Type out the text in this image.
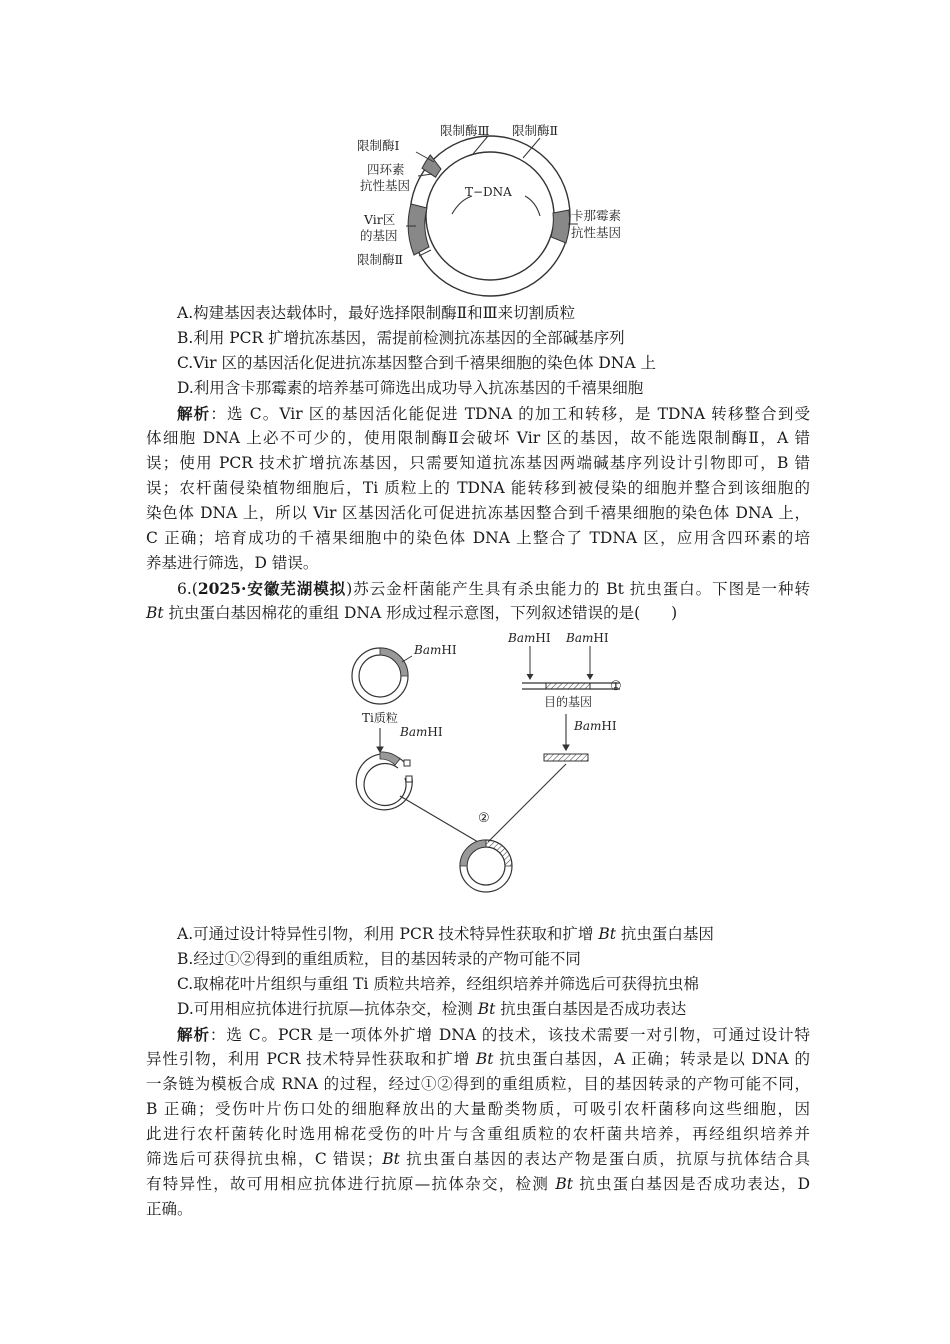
T−DNA
限制酶Ⅲ 限制酶Ⅱ
限制酶Ⅰ
四环素
抗性基因
Vir区
的基因
限制酶Ⅱ
卡那霉素
抗性基因
A.构建基因表达载体时，最好选择限制酶Ⅱ和Ⅲ来切割质粒
B.利用 PCR 扩增抗冻基因，需提前检测抗冻基因的全部碱基序列
C.Vir 区的基因活化促进抗冻基因整合到千禧果细胞的染色体 DNA 上
D.利用含卡那霉素的培养基可筛选出成功导入抗冻基因的千禧果细胞
解析：选 C。Vir 区的基因活化能促进 TDNA 的加工和转移，是 TDNA 转移整合到受
体细胞 DNA 上必不可少的，使用限制酶Ⅱ会破坏 Vir 区的基因，故不能选限制酶Ⅱ，A 错
误；使用 PCR 技术扩增抗冻基因，只需要知道抗冻基因两端碱基序列设计引物即可，B 错
误；农杆菌侵染植物细胞后，Ti 质粒上的 TDNA 能转移到被侵染的细胞并整合到该细胞的
染色体 DNA 上，所以 Vir 区基因活化可促进抗冻基因整合到千禧果细胞的染色体 DNA 上，
C 正确；培育成功的千禧果细胞中的染色体 DNA 上整合了 TDNA 区，应用含四环素的培
养基进行筛选，D 错误。
6.(2025·安徽芜湖模拟)苏云金杆菌能产生具有杀虫能力的 Bt 抗虫蛋白。下图是一种转
Bt 抗虫蛋白基因棉花的重组 DNA 形成过程示意图，下列叙述错误的是(　　)
BamHⅠ
Ti质粒
BamHⅠ
BamHⅠ BamHⅠ
①
目的基因
BamHⅠ
②
A.可通过设计特异性引物，利用 PCR 技术特异性获取和扩增 Bt 抗虫蛋白基因
B.经过①②得到的重组质粒，目的基因转录的产物可能不同
C.取棉花叶片组织与重组 Ti 质粒共培养，经组织培养并筛选后可获得抗虫棉
D.可用相应抗体进行抗原—抗体杂交，检测 Bt 抗虫蛋白基因是否成功表达
解析：选 C。PCR 是一项体外扩增 DNA 的技术，该技术需要一对引物，可通过设计特
异性引物，利用 PCR 技术特异性获取和扩增 Bt 抗虫蛋白基因，A 正确；转录是以 DNA 的
一条链为模板合成 RNA 的过程，经过①②得到的重组质粒，目的基因转录的产物可能不同，
B 正确；受伤叶片伤口处的细胞释放出的大量酚类物质，可吸引农杆菌移向这些细胞，因
此进行农杆菌转化时选用棉花受伤的叶片与含重组质粒的农杆菌共培养，再经组织培养并
筛选后可获得抗虫棉，C 错误；Bt 抗虫蛋白基因的表达产物是蛋白质，抗原与抗体结合具
有特异性，故可用相应抗体进行抗原—抗体杂交，检测 Bt 抗虫蛋白基因是否成功表达，D
正确。
